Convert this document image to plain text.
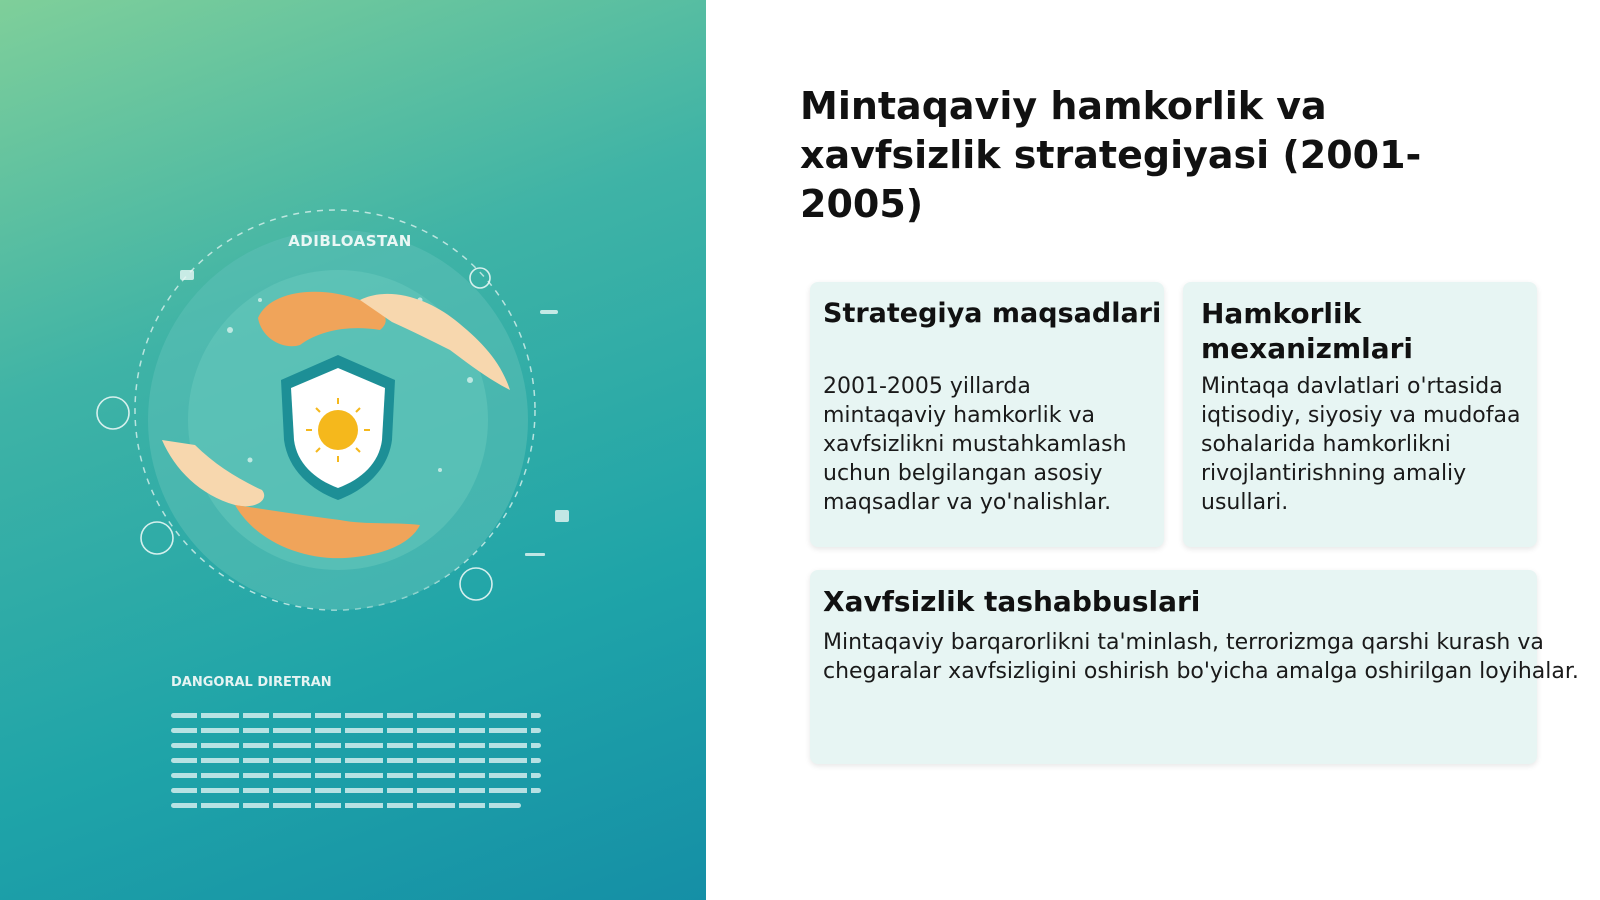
ADIBLOASTAN
DANGORAL DIRETRAN
Mintaqaviy hamkorlik va xavfsizlik strategiyasi (2001-2005)
Strategiya maqsadlari

2001-2005 yillarda mintaqaviy hamkorlik va xavfsizlikni mustahkamlash uchun belgilangan asosiy maqsadlar va yo'nalishlar.

Hamkorlik mexanizmlari

Mintaqa davlatlari o'rtasida iqtisodiy, siyosiy va mudofaa sohalarida hamkorlikni rivojlantirishning amaliy usullari.

Xavfsizlik tashabbuslari

Mintaqaviy barqarorlikni ta'minlash, terrorizmga qarshi kurash va chegaralar xavfsizligini oshirish bo'yicha amalga oshirilgan loyihalar.
